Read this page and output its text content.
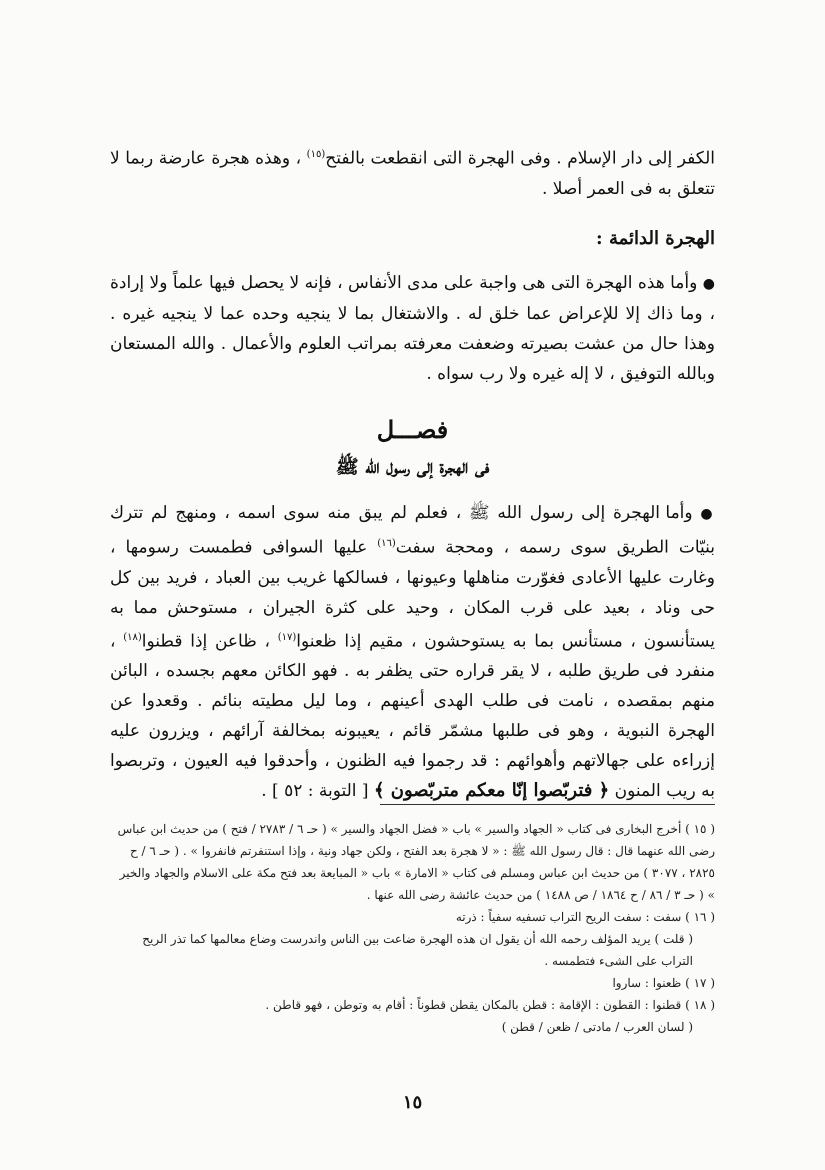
الكفر إلى دار الإسلام . وفى الهجرة التى انقطعت بالفتح$^{(١٥)}$ ، وهذه هجرة عارضة ربما لا تتعلق به فى العمر أصلا .

الهجرة الدائمة :

● وأما هذه الهجرة التى هى واجبة على مدى الأنفاس ، فإنه لا يحصل فيها علماً ولا إرادة ، وما ذاك إلا للإعراض عما خلق له . والاشتغال بما لا ينجيه وحده عما لا ينجيه غيره . وهذا حال من عشت بصيرته وضعفت معرفته بمراتب العلوم والأعمال . والله المستعان وبالله التوفيق ، لا إله غيره ولا رب سواه .

فصـــل
فى الهجرة إلى رسول الله ﷺ

● وأما الهجرة إلى رسول الله ﷺ ، فعلم لم يبق منه سوى اسمه ، ومنهج لم تترك بنيّات الطريق سوى رسمه ، ومحجة سفت$^{(١٦)}$ عليها السوافى فطمست رسومها ، وغارت عليها الأعادى فغوّرت مناهلها وعيونها ، فسالكها غريب بين العباد ، فريد بين كل حى وناد ، بعيد على قرب المكان ، وحيد على كثرة الجيران ، مستوحش مما به يستأنسون ، مستأنس بما به يستوحشون ، مقيم إذا ظعنوا$^{(١٧)}$ ، ظاعن إذا قطنوا$^{(١٨)}$ ، منفرد فى طريق طلبه ، لا يقر قراره حتى يظفر به . فهو الكائن معهم بجسده ، البائن منهم بمقصده ، نامت فى طلب الهدى أعينهم ، وما ليل مطيته بنائم . وقعدوا عن الهجرة النبوية ، وهو فى طلبها مشمّر قائم ، يعيبونه بمخالفة آرائهم ، ويزرون عليه إزراءه على جهالاتهم وأهوائهم : قد رجموا فيه الظنون ، وأحدقوا فيه العيون ، وتربصوا به ريب المنون ﴿ فتربّصوا إنّا معكم متربّصون ﴾ [ التوبة : ٥٢ ] .

( ١٥ ) أخرج البخارى فى كتاب « الجهاد والسير » باب « فضل الجهاد والسير » ( حـ ٦ / ٢٧٨٣ / فتح ) من حديث ابن عباس رضى الله عنهما قال : قال رسول الله ﷺ : « لا هجرة بعد الفتح ، ولكن جهاد ونية ، وإذا استنفرتم فانفروا » . ( حـ ٦ / ح ٢٨٢٥ ، ٣٠٧٧ ) من حديث ابن عباس ومسلم فى كتاب « الامارة » باب « المبايعة بعد فتح مكة على الاسلام والجهاد والخير » ( حـ ٣ / ٨٦ / ح ١٨٦٤ / ص ١٤٨٨ ) من حديث عائشة رضى الله عنها .

( ١٦ ) سفت : سفت الريح التراب تسفيه سفياً : ذرته

( قلت ) يريد المؤلف رحمه الله أن يقول ان هذه الهجرة ضاعت بين الناس واندرست وضاع معالمها كما تذر الريح التراب على الشىء فتطمسه .

( ١٧ ) ظعنوا : ساروا

( ١٨ ) قطنوا : القطون : الإقامة : قطن بالمكان يقطن قطوناً : أقام به وتوطن ، فهو قاطن .

( لسان العرب / مادتى / ظعن / قطن )

١٥
